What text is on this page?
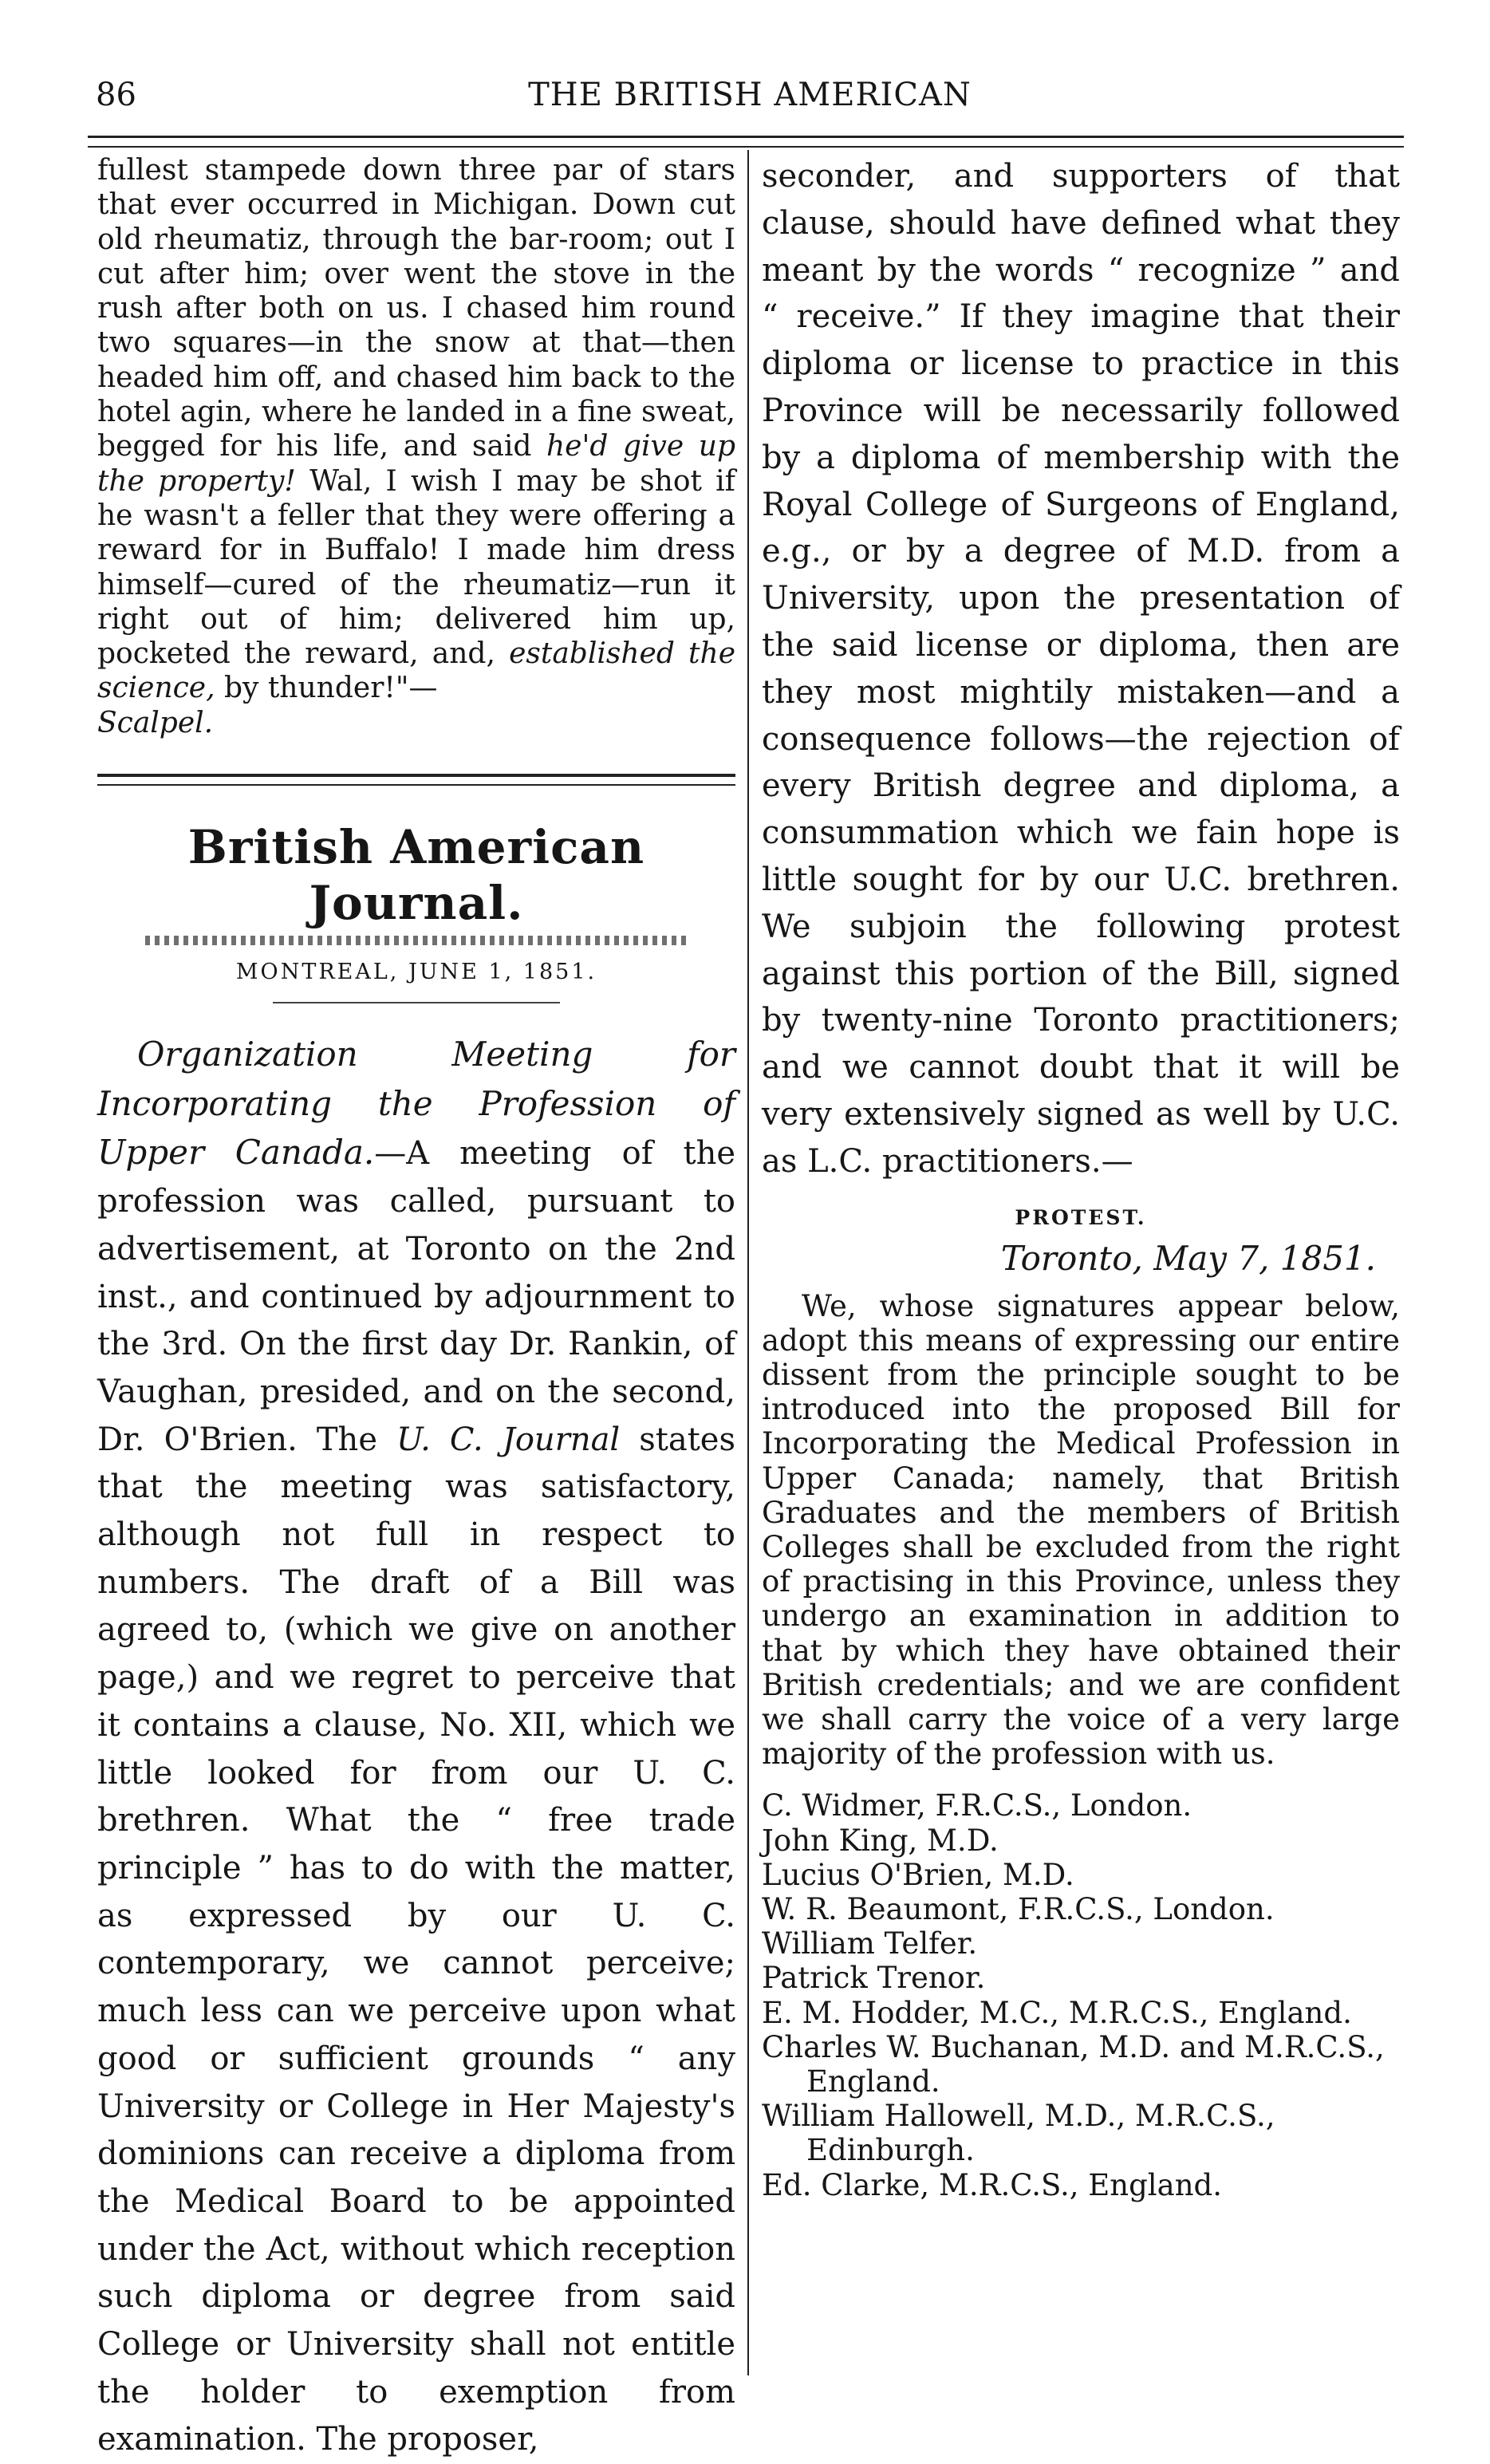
86	THE BRITISH AMERICAN

fullest stampede down three par of stars that ever occurred in Michigan. Down cut old rheumatiz, through the bar-room; out I cut after him; over went the stove in the rush after both on us. I chased him round two squares—in the snow at that—then headed him off, and chased him back to the hotel agin, where he landed in a fine sweat, begged for his life, and said he'd give up the property! Wal, I wish I may be shot if he wasn't a feller that they were offering a reward for in Buffalo! I made him dress himself—cured of the rheumatiz—run it right out of him; delivered him up, pocketed the reward, and, established the science, by thunder!"—
Scalpel.

British American Journal.
MONTREAL, JUNE 1, 1851.

Organization Meeting for Incorporating the Profession of Upper Canada.—A meeting of the profession was called, pursuant to advertisement, at Toronto on the 2nd inst., and continued by adjournment to the 3rd. On the first day Dr. Rankin, of Vaughan, presided, and on the second, Dr. O'Brien. The U. C. Journal states that the meeting was satisfactory, although not full in respect to numbers. The draft of a Bill was agreed to, (which we give on another page,) and we regret to perceive that it contains a clause, No. XII, which we little looked for from our U. C. brethren. What the “ free trade principle ” has to do with the matter, as expressed by our U. C. contemporary, we cannot perceive; much less can we perceive upon what good or sufficient grounds “ any University or College in Her Majesty's dominions can receive a diploma from the Medical Board to be appointed under the Act, without which reception such diploma or degree from said College or University shall not entitle the holder to exemption from examination. The proposer,

seconder, and supporters of that clause, should have defined what they meant by the words “ recognize ” and “ receive.” If they imagine that their diploma or license to practice in this Province will be necessarily followed by a diploma of membership with the Royal College of Surgeons of England, e.g., or by a degree of M.D. from a University, upon the presentation of the said license or diploma, then are they most mightily mistaken—and a consequence follows—the rejection of every British degree and diploma, a consummation which we fain hope is little sought for by our U.C. brethren. We subjoin the following protest against this portion of the Bill, signed by twenty-nine Toronto practitioners; and we cannot doubt that it will be very extensively signed as well by U.C. as L.C. practitioners.—

PROTEST.
Toronto, May 7, 1851.

We, whose signatures appear below, adopt this means of expressing our entire dissent from the principle sought to be introduced into the proposed Bill for Incorporating the Medical Profession in Upper Canada; namely, that British Graduates and the members of British Colleges shall be excluded from the right of practising in this Province, unless they undergo an examination in addition to that by which they have obtained their British credentials; and we are confident we shall carry the voice of a very large majority of the profession with us.

C. Widmer, F.R.C.S., London.
John King, M.D.
Lucius O'Brien, M.D.
W. R. Beaumont, F.R.C.S., London.
William Telfer.
Patrick Trenor.
E. M. Hodder, M.C., M.R.C.S., England.
Charles W. Buchanan, M.D. and M.R.C.S., England.
William Hallowell, M.D., M.R.C.S., Edinburgh.
Ed. Clarke, M.R.C.S., England.
